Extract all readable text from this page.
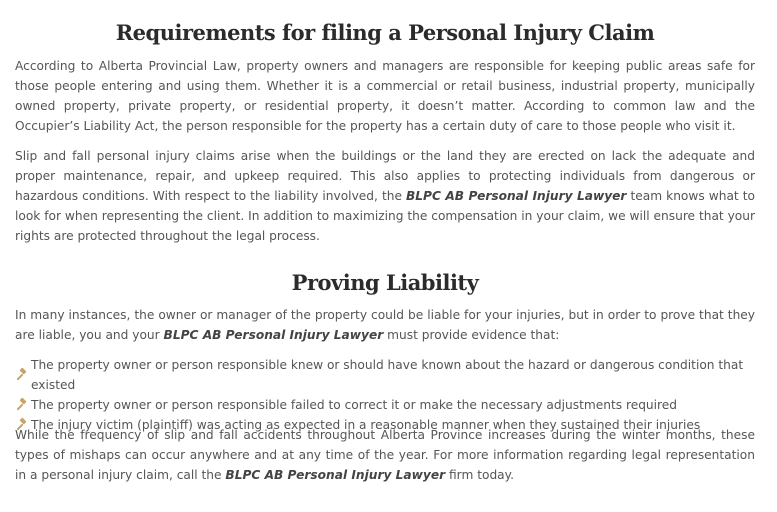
Requirements for filing a Personal Injury Claim

According to Alberta Provincial Law, property owners and managers are responsible for keeping public areas safe for those people entering and using them. Whether it is a commercial or retail business, industrial property, municipally owned property, private property, or residential property, it doesn’t matter. According to common law and the Occupier’s Liability Act, the person responsible for the property has a certain duty of care to those people who visit it.

Slip and fall personal injury claims arise when the buildings or the land they are erected on lack the adequate and proper maintenance, repair, and upkeep required. This also applies to protecting individuals from dangerous or hazardous conditions. With respect to the liability involved, the BLPC AB Personal Injury Lawyer team knows what to look for when representing the client. In addition to maximizing the compensation in your claim, we will ensure that your rights are protected throughout the legal process.

Proving Liability

In many instances, the owner or manager of the property could be liable for your injuries, but in order to prove that they are liable, you and your BLPC AB Personal Injury Lawyer must provide evidence that:

The property owner or person responsible knew or should have known about the hazard or dangerous condition that existed
The property owner or person responsible failed to correct it or make the necessary adjustments required
The injury victim (plaintiff) was acting as expected in a reasonable manner when they sustained their injuries

While the frequency of slip and fall accidents throughout Alberta Province increases during the winter months, these types of mishaps can occur anywhere and at any time of the year. For more information regarding legal representation in a personal injury claim, call the BLPC AB Personal Injury Lawyer firm today.
